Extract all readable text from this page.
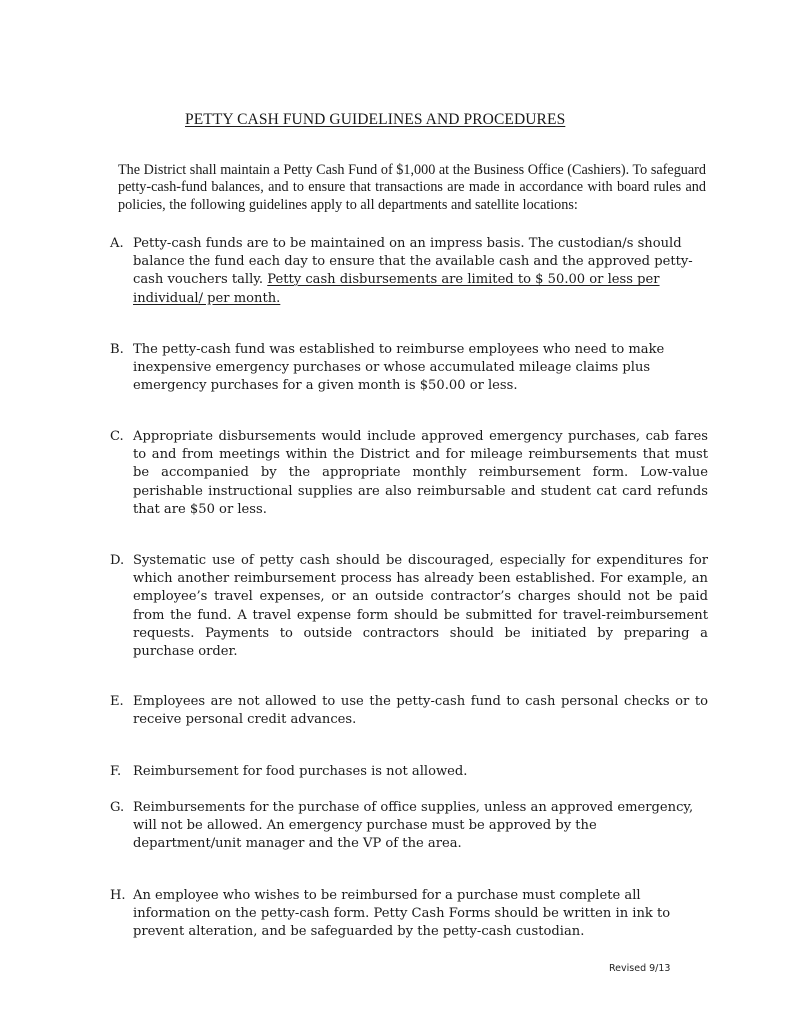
PETTY CASH FUND GUIDELINES AND PROCEDURES
The District shall maintain a Petty Cash Fund of $1,000 at the Business Office (Cashiers). To safeguard petty-cash-fund balances, and to ensure that transactions are made in accordance with board rules and policies, the following guidelines apply to all departments and satellite locations:
A. Petty-cash funds are to be maintained on an impress basis. The custodian/s should balance the fund each day to ensure that the available cash and the approved petty-cash vouchers tally. Petty cash disbursements are limited to $ 50.00 or less per individual/ per month.
B. The petty-cash fund was established to reimburse employees who need to make inexpensive emergency purchases or whose accumulated mileage claims plus emergency purchases for a given month is $50.00 or less.
C. Appropriate disbursements would include approved emergency purchases, cab fares to and from meetings within the District and for mileage reimbursements that must be accompanied by the appropriate monthly reimbursement form. Low-value perishable instructional supplies are also reimbursable and student cat card refunds that are $50 or less.
D. Systematic use of petty cash should be discouraged, especially for expenditures for which another reimbursement process has already been established. For example, an employee’s travel expenses, or an outside contractor’s charges should not be paid from the fund. A travel expense form should be submitted for travel-reimbursement requests. Payments to outside contractors should be initiated by preparing a purchase order.
E. Employees are not allowed to use the petty-cash fund to cash personal checks or to receive personal credit advances.
F. Reimbursement for food purchases is not allowed.
G. Reimbursements for the purchase of office supplies, unless an approved emergency, will not be allowed. An emergency purchase must be approved by the department/unit manager and the VP of the area.
H. An employee who wishes to be reimbursed for a purchase must complete all information on the petty-cash form. Petty Cash Forms should be written in ink to prevent alteration, and be safeguarded by the petty-cash custodian.
Revised 9/13
